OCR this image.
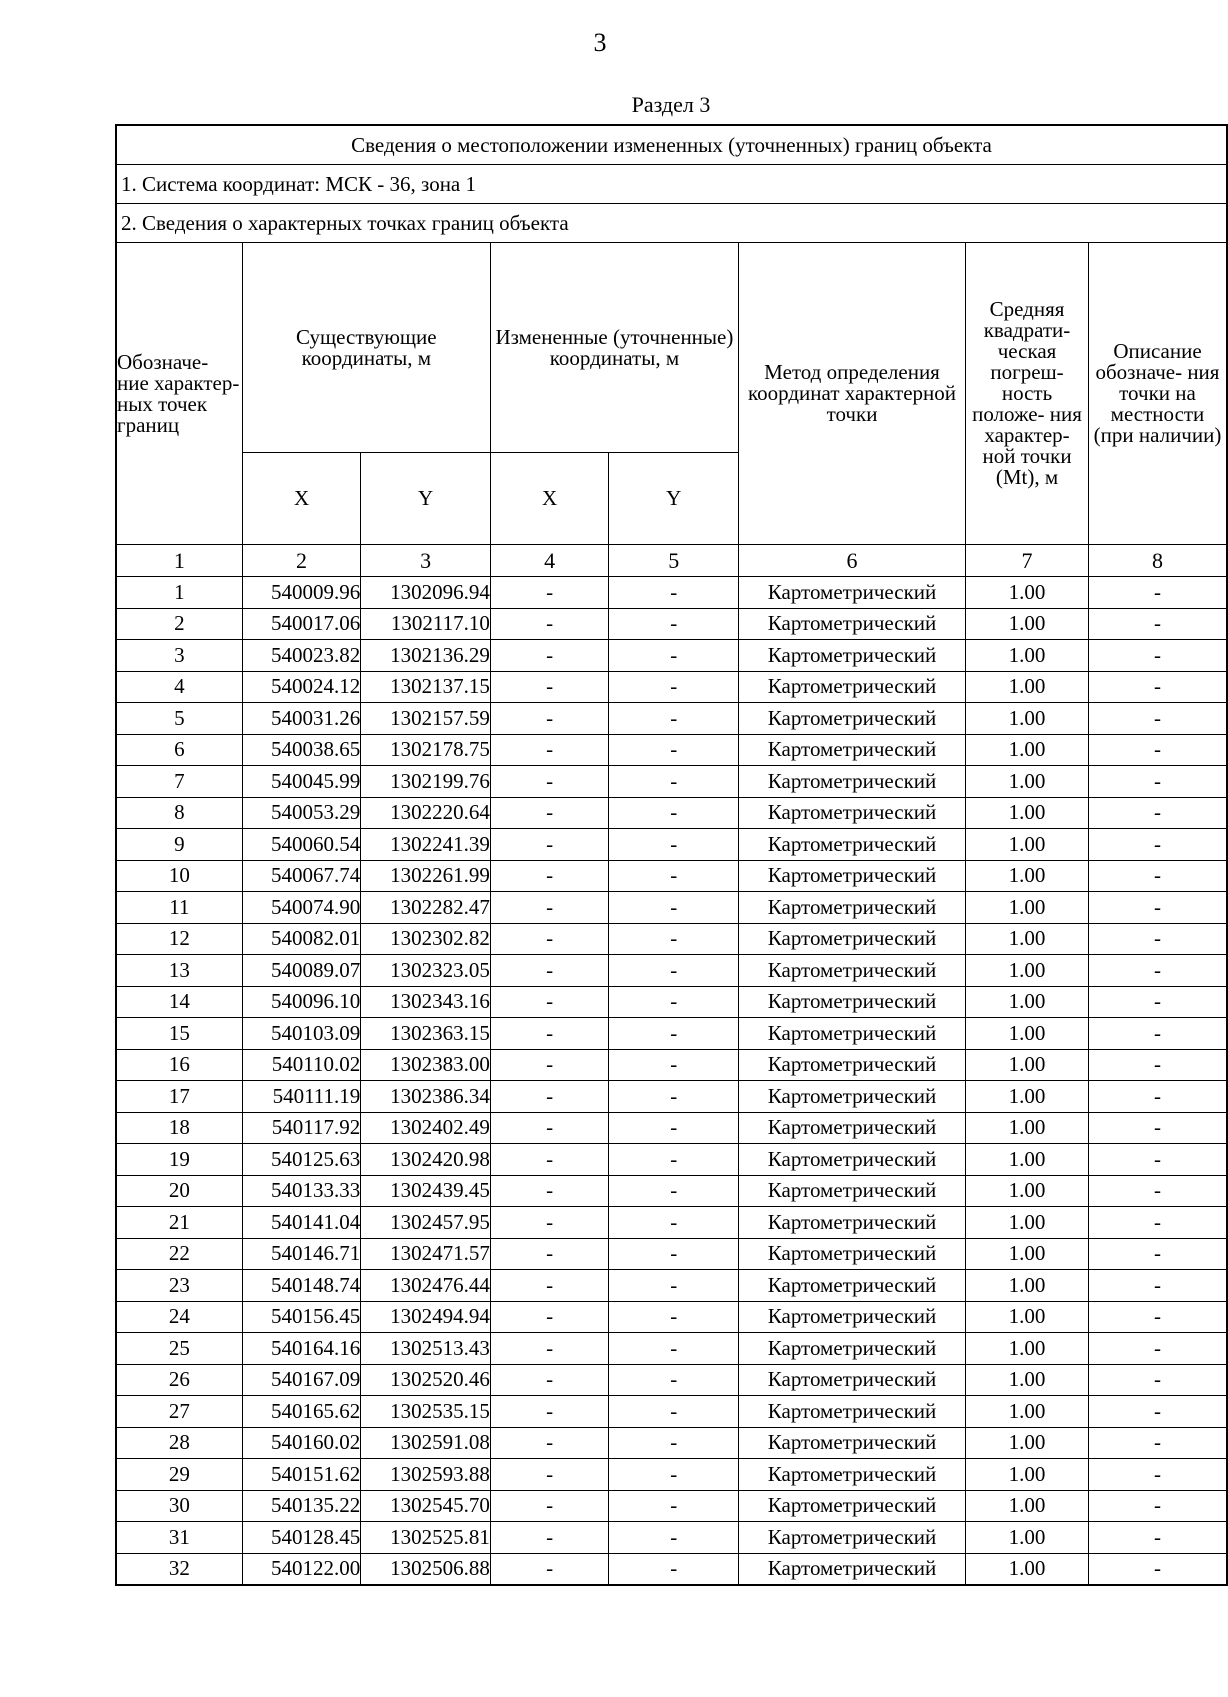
3
Раздел 3
Сведения о местоположении измененных (уточненных) границ объекта							
1. Система координат: МСК - 36, зона 1							
2. Сведения о характерных точках границ объекта							
Обозначе- ние характер- ных точек границ	Существующие координаты, м		Измененные (уточненные) координаты, м		Метод определения координат характерной точки	Средняя квадрати- ческая погреш- ность положе- ния характер- ной точки (Mt), м	Описание обозначе- ния точки на местности (при наличии)
	X	Y	X	Y			
1	2	3	4	5	6	7	8
1	540009.96	1302096.94	-	-	Картометрический	1.00	-
2	540017.06	1302117.10	-	-	Картометрический	1.00	-
3	540023.82	1302136.29	-	-	Картометрический	1.00	-
4	540024.12	1302137.15	-	-	Картометрический	1.00	-
5	540031.26	1302157.59	-	-	Картометрический	1.00	-
6	540038.65	1302178.75	-	-	Картометрический	1.00	-
7	540045.99	1302199.76	-	-	Картометрический	1.00	-
8	540053.29	1302220.64	-	-	Картометрический	1.00	-
9	540060.54	1302241.39	-	-	Картометрический	1.00	-
10	540067.74	1302261.99	-	-	Картометрический	1.00	-
11	540074.90	1302282.47	-	-	Картометрический	1.00	-
12	540082.01	1302302.82	-	-	Картометрический	1.00	-
13	540089.07	1302323.05	-	-	Картометрический	1.00	-
14	540096.10	1302343.16	-	-	Картометрический	1.00	-
15	540103.09	1302363.15	-	-	Картометрический	1.00	-
16	540110.02	1302383.00	-	-	Картометрический	1.00	-
17	540111.19	1302386.34	-	-	Картометрический	1.00	-
18	540117.92	1302402.49	-	-	Картометрический	1.00	-
19	540125.63	1302420.98	-	-	Картометрический	1.00	-
20	540133.33	1302439.45	-	-	Картометрический	1.00	-
21	540141.04	1302457.95	-	-	Картометрический	1.00	-
22	540146.71	1302471.57	-	-	Картометрический	1.00	-
23	540148.74	1302476.44	-	-	Картометрический	1.00	-
24	540156.45	1302494.94	-	-	Картометрический	1.00	-
25	540164.16	1302513.43	-	-	Картометрический	1.00	-
26	540167.09	1302520.46	-	-	Картометрический	1.00	-
27	540165.62	1302535.15	-	-	Картометрический	1.00	-
28	540160.02	1302591.08	-	-	Картометрический	1.00	-
29	540151.62	1302593.88	-	-	Картометрический	1.00	-
30	540135.22	1302545.70	-	-	Картометрический	1.00	-
31	540128.45	1302525.81	-	-	Картометрический	1.00	-
32	540122.00	1302506.88	-	-	Картометрический	1.00	-
